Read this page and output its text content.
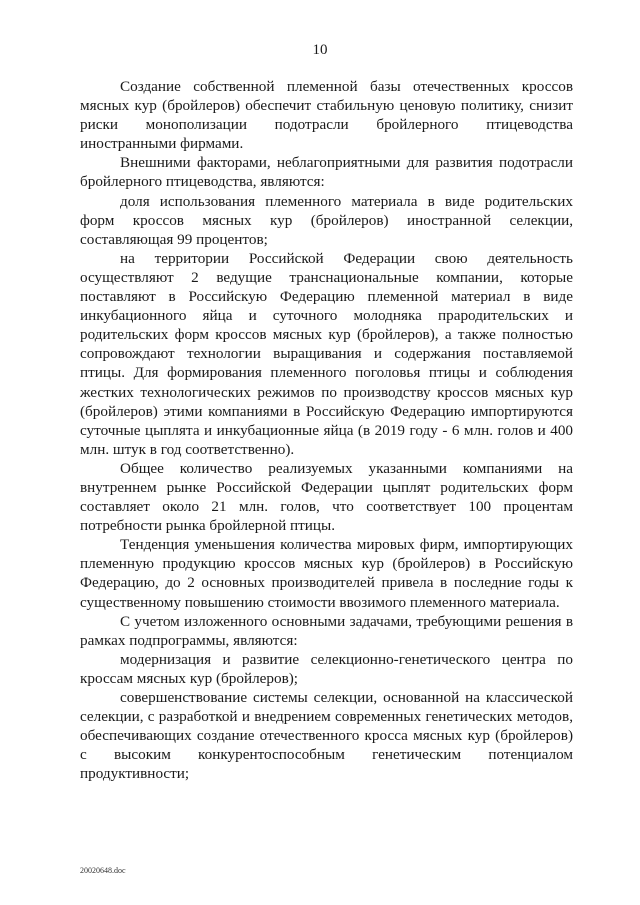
10

Создание собственной племенной базы отечественных кроссов мясных кур (бройлеров) обеспечит стабильную ценовую политику, снизит риски монополизации подотрасли бройлерного птицеводства иностранными фирмами.

Внешними факторами, неблагоприятными для развития подотрасли бройлерного птицеводства, являются:

доля использования племенного материала в виде родительских форм кроссов мясных кур (бройлеров) иностранной селекции, составляющая 99 процентов;

на территории Российской Федерации свою деятельность осуществляют 2 ведущие транснациональные компании, которые поставляют в Российскую Федерацию племенной материал в виде инкубационного яйца и суточного молодняка прародительских и родительских форм кроссов мясных кур (бройлеров), а также полностью сопровождают технологии выращивания и содержания поставляемой птицы. Для формирования племенного поголовья птицы и соблюдения жестких технологических режимов по производству кроссов мясных кур (бройлеров) этими компаниями в Российскую Федерацию импортируются суточные цыплята и инкубационные яйца (в 2019 году - 6 млн. голов и 400 млн. штук в год соответственно).

Общее количество реализуемых указанными компаниями на внутреннем рынке Российской Федерации цыплят родительских форм составляет около 21 млн. голов, что соответствует 100 процентам потребности рынка бройлерной птицы.

Тенденция уменьшения количества мировых фирм, импортирующих племенную продукцию кроссов мясных кур (бройлеров) в Российскую Федерацию, до 2 основных производителей привела в последние годы к существенному повышению стоимости ввозимого племенного материала.

С учетом изложенного основными задачами, требующими решения в рамках подпрограммы, являются:

модернизация и развитие селекционно-генетического центра по кроссам мясных кур (бройлеров);

совершенствование системы селекции, основанной на классической селекции, с разработкой и внедрением современных генетических методов, обеспечивающих создание отечественного кросса мясных кур (бройлеров) с высоким конкурентоспособным генетическим потенциалом продуктивности;

20020648.doc
